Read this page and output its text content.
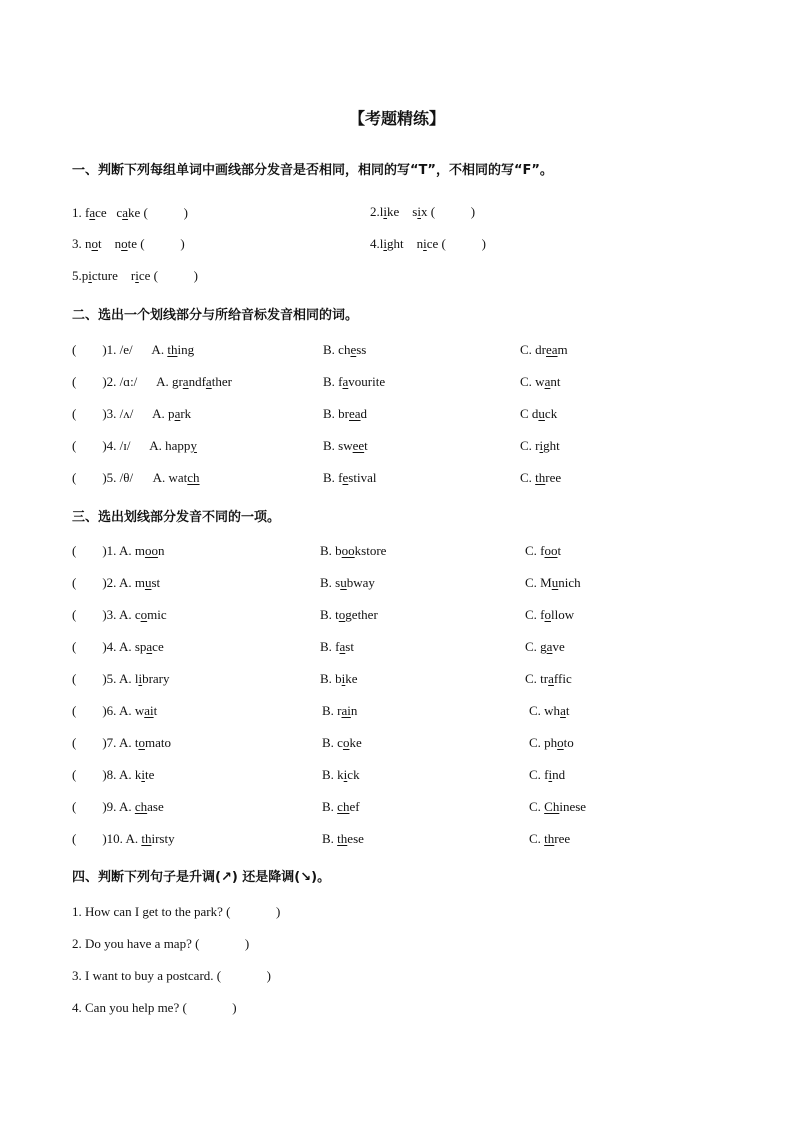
【考题精练】
一、判断下列每组单词中画线部分发音是否相同，相同的写“T”，不相同的写“F”。
1. face   cake (           )	2.like    six (           )
3. not    note (           )	4.light    nice (           )
5.picture    rice (           )
二、选出一个划线部分与所给音标发音相同的词。
(        )1. /e/      A. thing	B. chess	C. dream
(        )2. /ɑ:/      A. grandfather	B. favourite	C. want
(        )3. /ʌ/      A. park	B. bread	C duck
(        )4. /ɪ/      A. happy	B. sweet	C. right
(        )5. /θ/      A. watch	B. festival	C. three
三、选出划线部分发音不同的一项。
(        )1. A. moon	B. bookstore	C. foot
(        )2. A. must	B. subway	C. Munich
(        )3. A. comic	B. together	C. follow
(        )4. A. space	B. fast	C. gave
(        )5. A. library	B. bike	C. traffic
(        )6. A. wait	B. rain	C. what
(        )7. A. tomato	B. coke	C. photo
(        )8. A. kite	B. kick	C. find
(        )9. A. chase	B. chef	C. Chinese
(        )10. A. thirsty	B. these	C. three
四、判断下列句子是升调(↗) 还是降调(↘)。
1. How can I get to the park? (              )
2. Do you have a map? (              )
3. I want to buy a postcard. (              )
4. Can you help me? (              )
